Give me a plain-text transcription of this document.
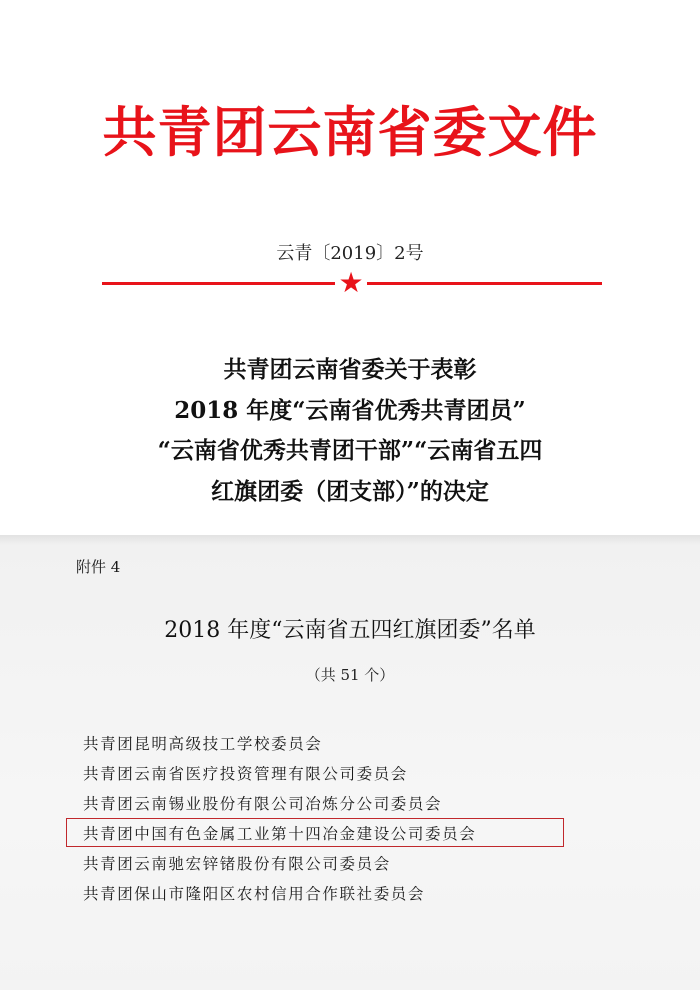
共青团云南省委文件
云青〔2019〕2号
★
共青团云南省委关于表彰
2018 年度“云南省优秀共青团员”
“云南省优秀共青团干部”“云南省五四
红旗团委（团支部）”的决定
附件 4
2018 年度“云南省五四红旗团委”名单
（共 51 个）
共青团昆明高级技工学校委员会
共青团云南省医疗投资管理有限公司委员会
共青团云南锡业股份有限公司冶炼分公司委员会
共青团中国有色金属工业第十四冶金建设公司委员会
共青团云南驰宏锌锗股份有限公司委员会
共青团保山市隆阳区农村信用合作联社委员会
